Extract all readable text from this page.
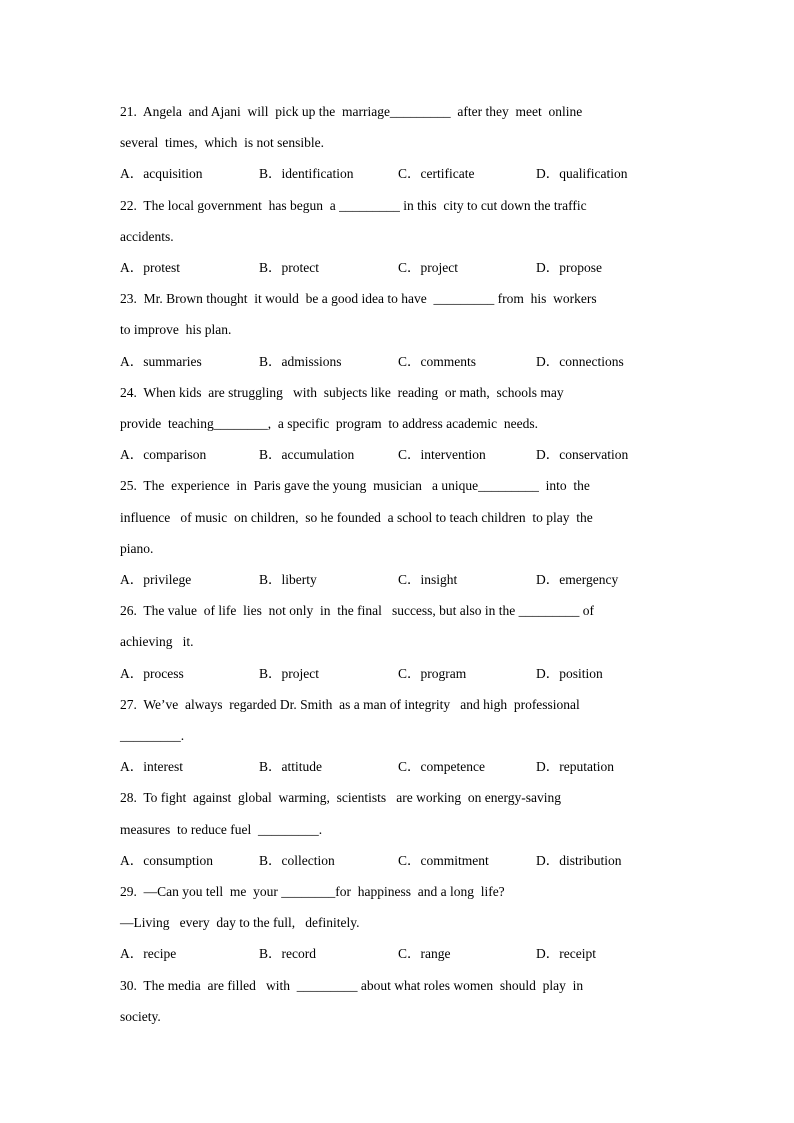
21.  Angela  and Ajani  will  pick up the  marriage_________  after they  meet  online
several  times,  which  is not sensible.
A．acquisition	B．identification	C．certificate	D．qualification
22.  The local government  has begun  a _________ in this  city to cut down the traffic
accidents.
A．protest	B．protect	C．project	D．propose
23.  Mr. Brown thought  it would  be a good idea to have  _________ from  his  workers
to improve  his plan.
A．summaries	B．admissions	C．comments	D．connections
24.  When kids  are struggling   with  subjects like  reading  or math,  schools may
provide  teaching________,  a specific  program  to address academic  needs.
A．comparison	B．accumulation	C．intervention	D．conservation
25.  The  experience  in  Paris gave the young  musician   a unique_________  into  the
influence   of music  on children,  so he founded  a school to teach children  to play  the
piano.
A．privilege	B．liberty	C．insight	D．emergency
26.  The value  of life  lies  not only  in  the final   success, but also in the _________ of
achieving   it.
A．process	B．project	C．program	D．position
27.  We’ve  always  regarded Dr. Smith  as a man of integrity   and high  professional
_________.
A．interest	B．attitude	C．competence	D．reputation
28.  To fight  against  global  warming,  scientists   are working  on energy-saving
measures  to reduce fuel  _________.
A．consumption	B．collection	C．commitment	D．distribution
29.  —Can you tell  me  your ________for  happiness  and a long  life?
—Living   every  day to the full,   definitely.
A．recipe	B．record	C．range	D．receipt
30.  The media  are filled   with  _________ about what roles women  should  play  in
society.
